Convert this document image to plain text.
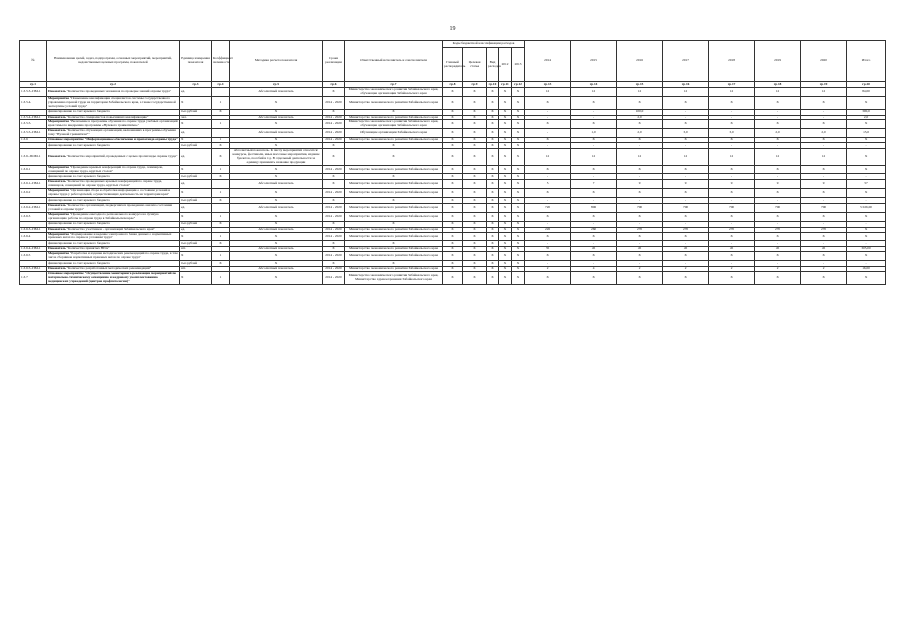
19
№	Наименование целей, задач, подпрограмм, основных мероприятий, мероприятий, ведомственных целевых программ, показателей	Единица измерения показателя	Коэффициент значимости	Методика расчета показателя	Сроки реализации	Ответственный исполнитель и соисполнители	Коды бюджетной классификации расходов					2014	2015	2016	2017	2018	2019	2020	Итого
							Главный распорядитель	Целевая статья	Вид расходов	2012	2013								

гр.1	гр.2	гр.3	гр.4	гр.5	гр.6	гр.7	гр.8	гр.9	гр.10	гр.11	гр.12	гр.13	гр.14	гр.15	гр.16	гр.17	гр.18	гр.19	гр.20
1.3.5.3.-ПМ-1	Показатель "Количество проведенных экзаменов по проверке знаний охраны труда"	ед.		Абсолютный показатель	Х	Министерство экономического развития Забайкальского края, обучающие организации Забайкальского края	Х	Х	Х	Х	Х	12	12	12	12	12	12	12	84,00
1.3.5.4.	Мероприятие "Повышение квалификации специалистов системы государственного управления охраной труда на территории Забайкальского края, а также государственной экспертизы условий труда"	Х	1	Х	2014 - 2020	Министерство экономического развития Забайкальского края	Х	Х	Х	Х	Х	Х	Х	Х	Х	Х	Х	Х	Х
	финансирование за счет краевого бюджета	тыс.рублей	Х	Х	Х	Х	Х	Х	Х	Х	Х	-	-	100,0	-	-	-	-	300,0
1.3.5.4.-ПМ-1	Показатель "Количество специалистов повысивших квалификацию"	чел.		Абсолютный показатель	2014 - 2020	Министерство экономического развития Забайкальского края	Х	Х	Х	Х	Х	-	-	2,0	-	-	-	-	2,0
1.3.5.5.	Мероприятие "Включение в программы обучения по охране труда учебных организаций края темы по внедрению программы «Нулевого травматизма»"	Х	1	Х	2014 - 2020	Министерство экономического развития Забайкальского края, обучающие организации Забайкальского края	Х	Х	Х	Х	Х	Х	Х	Х	Х	Х	Х	Х	Х
1.3.5.5.-ПМ-1	Показатель "Количество обучающих организаций, включивших в программы обучения тему "Нулевой травматизм""	ед.		Абсолютный показатель	2014 - 2020	Обучающие организации Забайкальского края	Х	Х	Х	Х	Х	-	1,0	2,0	3,0	3,0	2,0	2,0	13,0
1.3.6	Основное мероприятие "Информационное обеспечение и пропаганда охраны труда"	Х	1	Х	2014 - 2020	Министерство экономического развития Забайкальского края	Х	Х	Х	Х	Х	Х	Х	Х	Х	Х	Х	Х	Х
	финансирование за счет краевого бюджета	тыс.рублей	Х	Х	Х	Х	Х	Х	Х	Х	Х	-	-	-	-	-	-	-	-
1.3.6.-ПОМ-1	Показатель "Количество мероприятий, проведенных с целью пропаганды охраны труда"	ед.	Х	Абсолютный показатель. К числу мероприятий относятся: конкурсы, фестивали, иные массовые мероприятия, издание буклетов, пособий и т.д. В отдельный деятельности за единицу принимать название продукции	Х	Х	Х	Х	Х	Х	Х	12	12	12	12	12	12	12	Х
1.3.6.1	Мероприятие "Проведение краевых конференций по охране труда, семинаров, совещаний по охране труда, круглых столов"	Х	1	Х	2014 - 2020	Министерство экономического развития Забайкальского края	Х	Х	Х	Х	Х	Х	Х	Х	Х	Х	Х	Х	Х
	финансирование за счет краевого бюджета	тыс.рублей	Х	Х	Х	Х	Х	Х	Х	Х	Х	-	-	-	-	-	-	-	-
1.3.6.1.-ПМ-1	Показатель "Количество проведенных краевых конференций по охране труда, семинаров, совещаний по охране труда, круглых столов"	ед.		Абсолютный показатель	Х	Министерство экономического развития Забайкальского края	Х	Х	Х	Х	Х	5	7	9	9	9	9	9	57
1.3.6.2	Мероприятие "Организация сбора и обработки информации о состоянии условий и охраны труда у работодателей, осуществляющих деятельность на территории края"	Х	1	Х	2014 - 2020	Министерство экономического развития Забайкальского края	Х	Х	Х	Х	Х	Х	Х	Х	Х	Х	Х	Х	Х
	финансирование за счет краевого бюджета	тыс.рублей	Х	Х	Х	Х	Х	Х	Х	Х	Х	-	-	-	-	-	-	-	-
1.3.6.2.-ПМ-1	Показатель "Количество организаций, подвергшихся проведению анализа состояния условий и охраны труда"	ед.		Абсолютный показатель	2014 - 2020	Министерство экономического развития Забайкальского края	Х	Х	Х	Х	Х	720	806	700	700	700	700	700	5 026,00
1.3.6.3	Мероприятие "Проведение ежегодного регионального конкурса на лучшую организацию работы по охране труда в Забайкальском крае"	Х	1	Х	2014 - 2020	Министерство экономического развития Забайкальского края	Х	Х	Х	Х	Х	Х	Х	Х	Х	Х	Х	Х	Х
	финансирование за счет краевого бюджета	тыс.рублей	Х	Х	Х	Х	Х	Х	Х	Х	Х	-	-	-	-	-	-	-	-
1.3.6.3.-ПМ-1	Показатель "Количество участников - организаций Забайкальского края"	ед.		Абсолютный показатель	2014 - 2020	Министерство экономического развития Забайкальского края	Х	Х	Х	Х	Х	226	260	270	270	270	270	270	Х
1.3.6.4	Мероприятие "Формирование и ведение электронного банка данных о нормативных правовых актах по охране и условиям труда"	Х	1	Х	2014 - 2020	Министерство экономического развития Забайкальского края	Х	Х	Х	Х	Х	Х	Х	Х	Х	Х	Х	Х	Х
	финансирование за счет краевого бюджета	тыс.рублей	Х	Х	Х	Х	Х	Х	Х	Х	Х	-	-	-	-	-	-	-	-
1.3.6.4.-ПМ-1	Показатель "Количество принятых НПА"	шт.		Абсолютный показатель	Х	Министерство экономического развития Забайкальского края	Х	Х	Х	Х	Х	35	45	45	45	45	45	45	305,00
1.3.6.5	Мероприятие "Разработка и издание методических рекомендаций по охране труда, в том числе сборников нормативных правовых актов по охране труда"	Х	1	Х	2014 - 2020	Министерство экономического развития Забайкальского края	Х	Х	Х	Х	Х	Х	Х	Х	Х	Х	Х	Х	Х
	финансирование за счет краевого бюджета	тыс.рублей	Х	Х	Х	Х	Х	Х	Х	Х	Х	-	-	-	-	-	-	-	-
1.3.6.5.-ПМ-1	Показатель "Количество разработанных методических рекомендаций"	шт.		Абсолютный показатель	2014 - 2020	Министерство экономического развития Забайкальского края	Х	Х	Х	Х	Х	2	4	2	2	2	2	2	16,00
1.3.7	Основное мероприятие "Осуществление мониторинга реализации мероприятий по материально-техническому оснащению и кадровому укомплектованию медицинских учреждений (центров профпатологии)"	Х	1	Х	2014 - 2020	Министерство экономического развития Забайкальского края, Министерство здравоохранения Забайкальского края	Х	Х	Х	Х	Х	Х	Х	Х	Х	Х	Х	Х	Х
